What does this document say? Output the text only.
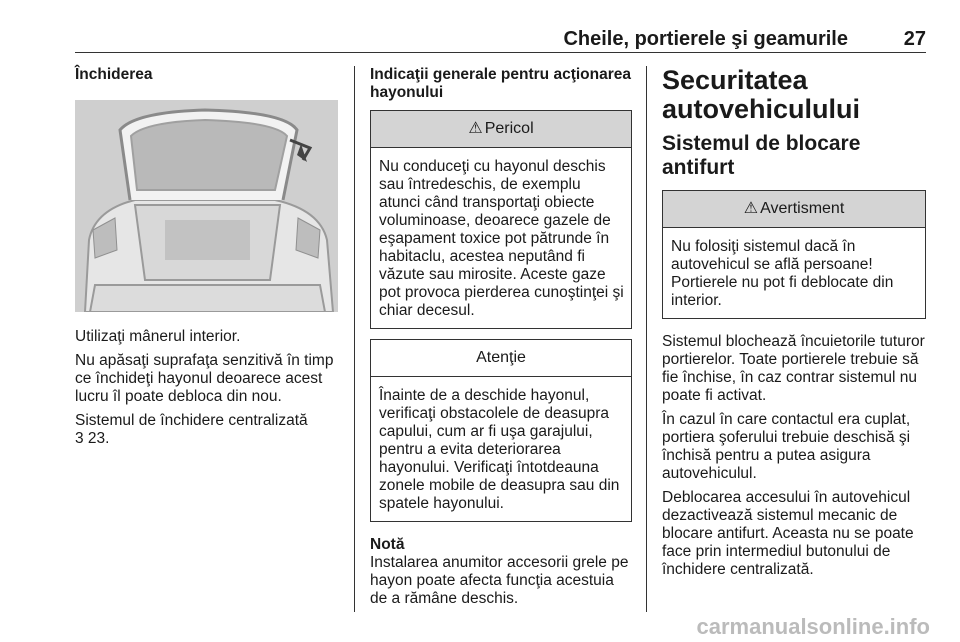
Cheile, portierele şi geamurile	27
Închiderea

Utilizaţi mânerul interior.

Nu apăsaţi suprafaţa senzitivă în timp ce închideţi hayonul deoarece acest lucru îl poate debloca din nou.

Sistemul de închidere centralizată
3 23.

Indicaţii generale pentru acţionarea hayonului
⚠ Pericol
Nu conduceţi cu hayonul deschis sau întredeschis, de exemplu atunci când transportaţi obiecte voluminoase, deoarece gazele de eşapament toxice pot pătrunde în habitaclu, acestea neputând fi văzute sau mirosite. Aceste gaze pot provoca pierderea cunoştinţei şi chiar decesul.
Atenţie
Înainte de a deschide hayonul, verificaţi obstacolele de deasupra capului, cum ar fi uşa garajului, pentru a evita deteriorarea hayonului. Verificaţi întotdeauna zonele mobile de deasupra sau din spatele hayonului.
Notă
Instalarea anumitor accesorii grele pe hayon poate afecta funcţia acestuia de a rămâne deschis.
Securitatea autovehiculului
Sistemul de blocare antifurt
⚠ Avertisment
Nu folosiţi sistemul dacă în autovehicul se află persoane! Portierele nu pot fi deblocate din interior.

Sistemul blochează încuietorile tuturor portierelor. Toate portierele trebuie să fie închise, în caz contrar sistemul nu poate fi activat.

În cazul în care contactul era cuplat, portiera şoferului trebuie deschisă şi închisă pentru a putea asigura autovehiculul.

Deblocarea accesului în autovehicul dezactivează sistemul mecanic de blocare antifurt. Aceasta nu se poate face prin intermediul butonului de închidere centralizată.

carmanualsonline.info
